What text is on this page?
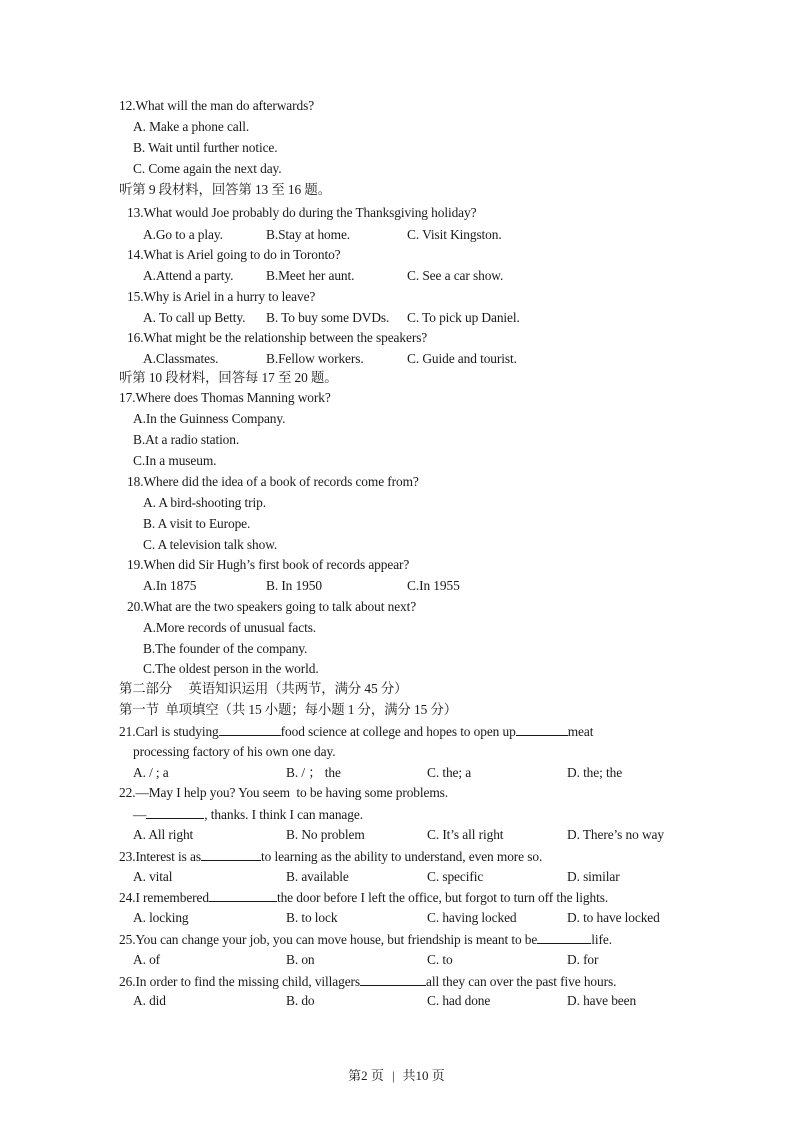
12.What will the man do afterwards?
A. Make a phone call.
B. Wait until further notice.
C. Come again the next day.
听第 9 段材料，回答第 13 至 16 题。
13.What would Joe probably do during the Thanksgiving holiday?
A.Go to a play.	B.Stay at home.	C. Visit Kingston.
14.What is Ariel going to do in Toronto?
A.Attend a party. B.Meet her aunt.	C. See a car show.
15.Why is Ariel in a hurry to leave?
A. To call up Betty. B. To buy some DVDs. C. To pick up Daniel.
16.What might be the relationship between the speakers?
A.Classmates.	B.Fellow workers.	C. Guide and tourist.
听第 10 段材料，回答每 17 至 20 题。
17.Where does Thomas Manning work?
A.In the Guinness Company.
B.At a radio station.
C.In a museum.
18.Where did the idea of a book of records come from?
A. A bird-shooting trip.
B. A visit to Europe.
C. A television talk show.
19.When did Sir Hugh’s first book of records appear?
A.In 1875	B. In 1950	C.In 1955
20.What are the two speakers going to talk about next?
A.More records of unusual facts.
B.The founder of the company.
C.The oldest person in the world.
第二部分     英语知识运用（共两节，满分 45 分）
第一节  单项填空（共 15 小题；每小题 1 分，满分 15 分）
21.Carl is studying	food science at college and hopes to open up	meat
processing factory of his own one day.
A. / ; a	B. / ； the	C. the; a	D. the; the
22.—May I help you? You seem  to be having some problems.
—	, thanks. I think I can manage.
A. All right	B. No problem	C. It’s all right	D. There’s no way
23.Interest is as	to learning as the ability to understand, even more so.
A. vital	B. available	C. specific	D. similar
24.I remembered	the door before I left the office, but forgot to turn off the lights.
A. locking	B. to lock	C. having locked	D. to have locked
25.You can change your job, you can move house, but friendship is meant to be	life.
A. of	B. on	C. to	D. for
26.In order to find the missing child, villagers	all they can over the past five hours.
A. did	B. do	C. had done	D. have been
第2 页 | 共10 页
